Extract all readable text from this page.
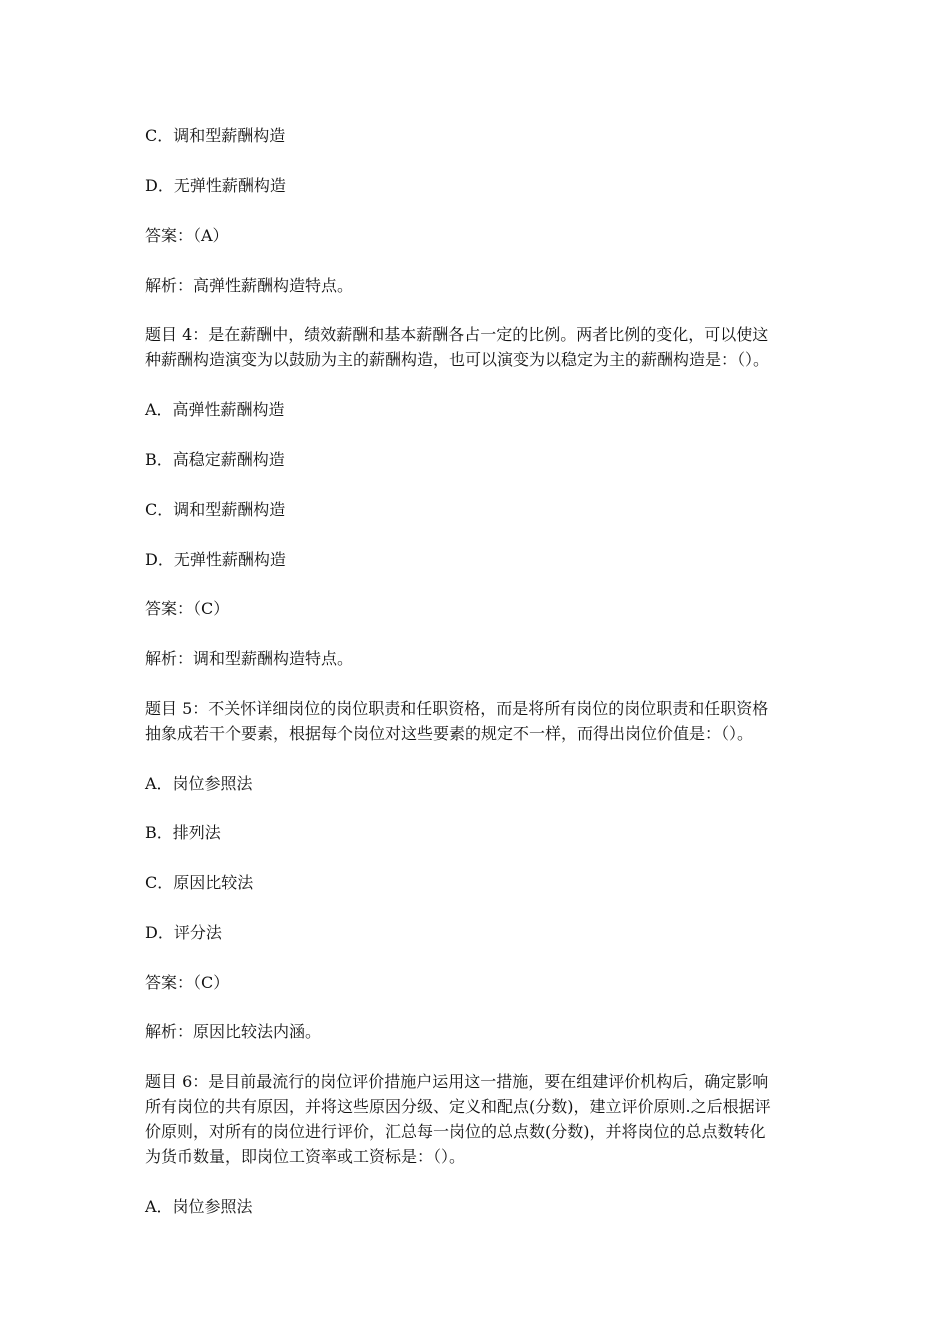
C．调和型薪酬构造
D．无弹性薪酬构造
答案：（A）
解析：高弹性薪酬构造特点。
题目 4：是在薪酬中，绩效薪酬和基本薪酬各占一定的比例。两者比例的变化，可以使这
种薪酬构造演变为以鼓励为主的薪酬构造，也可以演变为以稳定为主的薪酬构造是：（）。
A．高弹性薪酬构造
B．高稳定薪酬构造
C．调和型薪酬构造
D．无弹性薪酬构造
答案：（C）
解析：调和型薪酬构造特点。
题目 5：不关怀详细岗位的岗位职责和任职资格，而是将所有岗位的岗位职责和任职资格
抽象成若干个要素，根据每个岗位对这些要素的规定不一样，而得出岗位价值是：（）。
A．岗位参照法
B．排列法
C．原因比较法
D．评分法
答案：（C）
解析：原因比较法内涵。
题目 6：是目前最流行的岗位评价措施户运用这一措施，要在组建评价机构后，确定影响
所有岗位的共有原因，并将这些原因分级、定义和配点(分数)，建立评价原则.之后根据评
价原则，对所有的岗位进行评价，汇总每一岗位的总点数(分数)，并将岗位的总点数转化
为货币数量，即岗位工资率或工资标是：（）。
A．岗位参照法
